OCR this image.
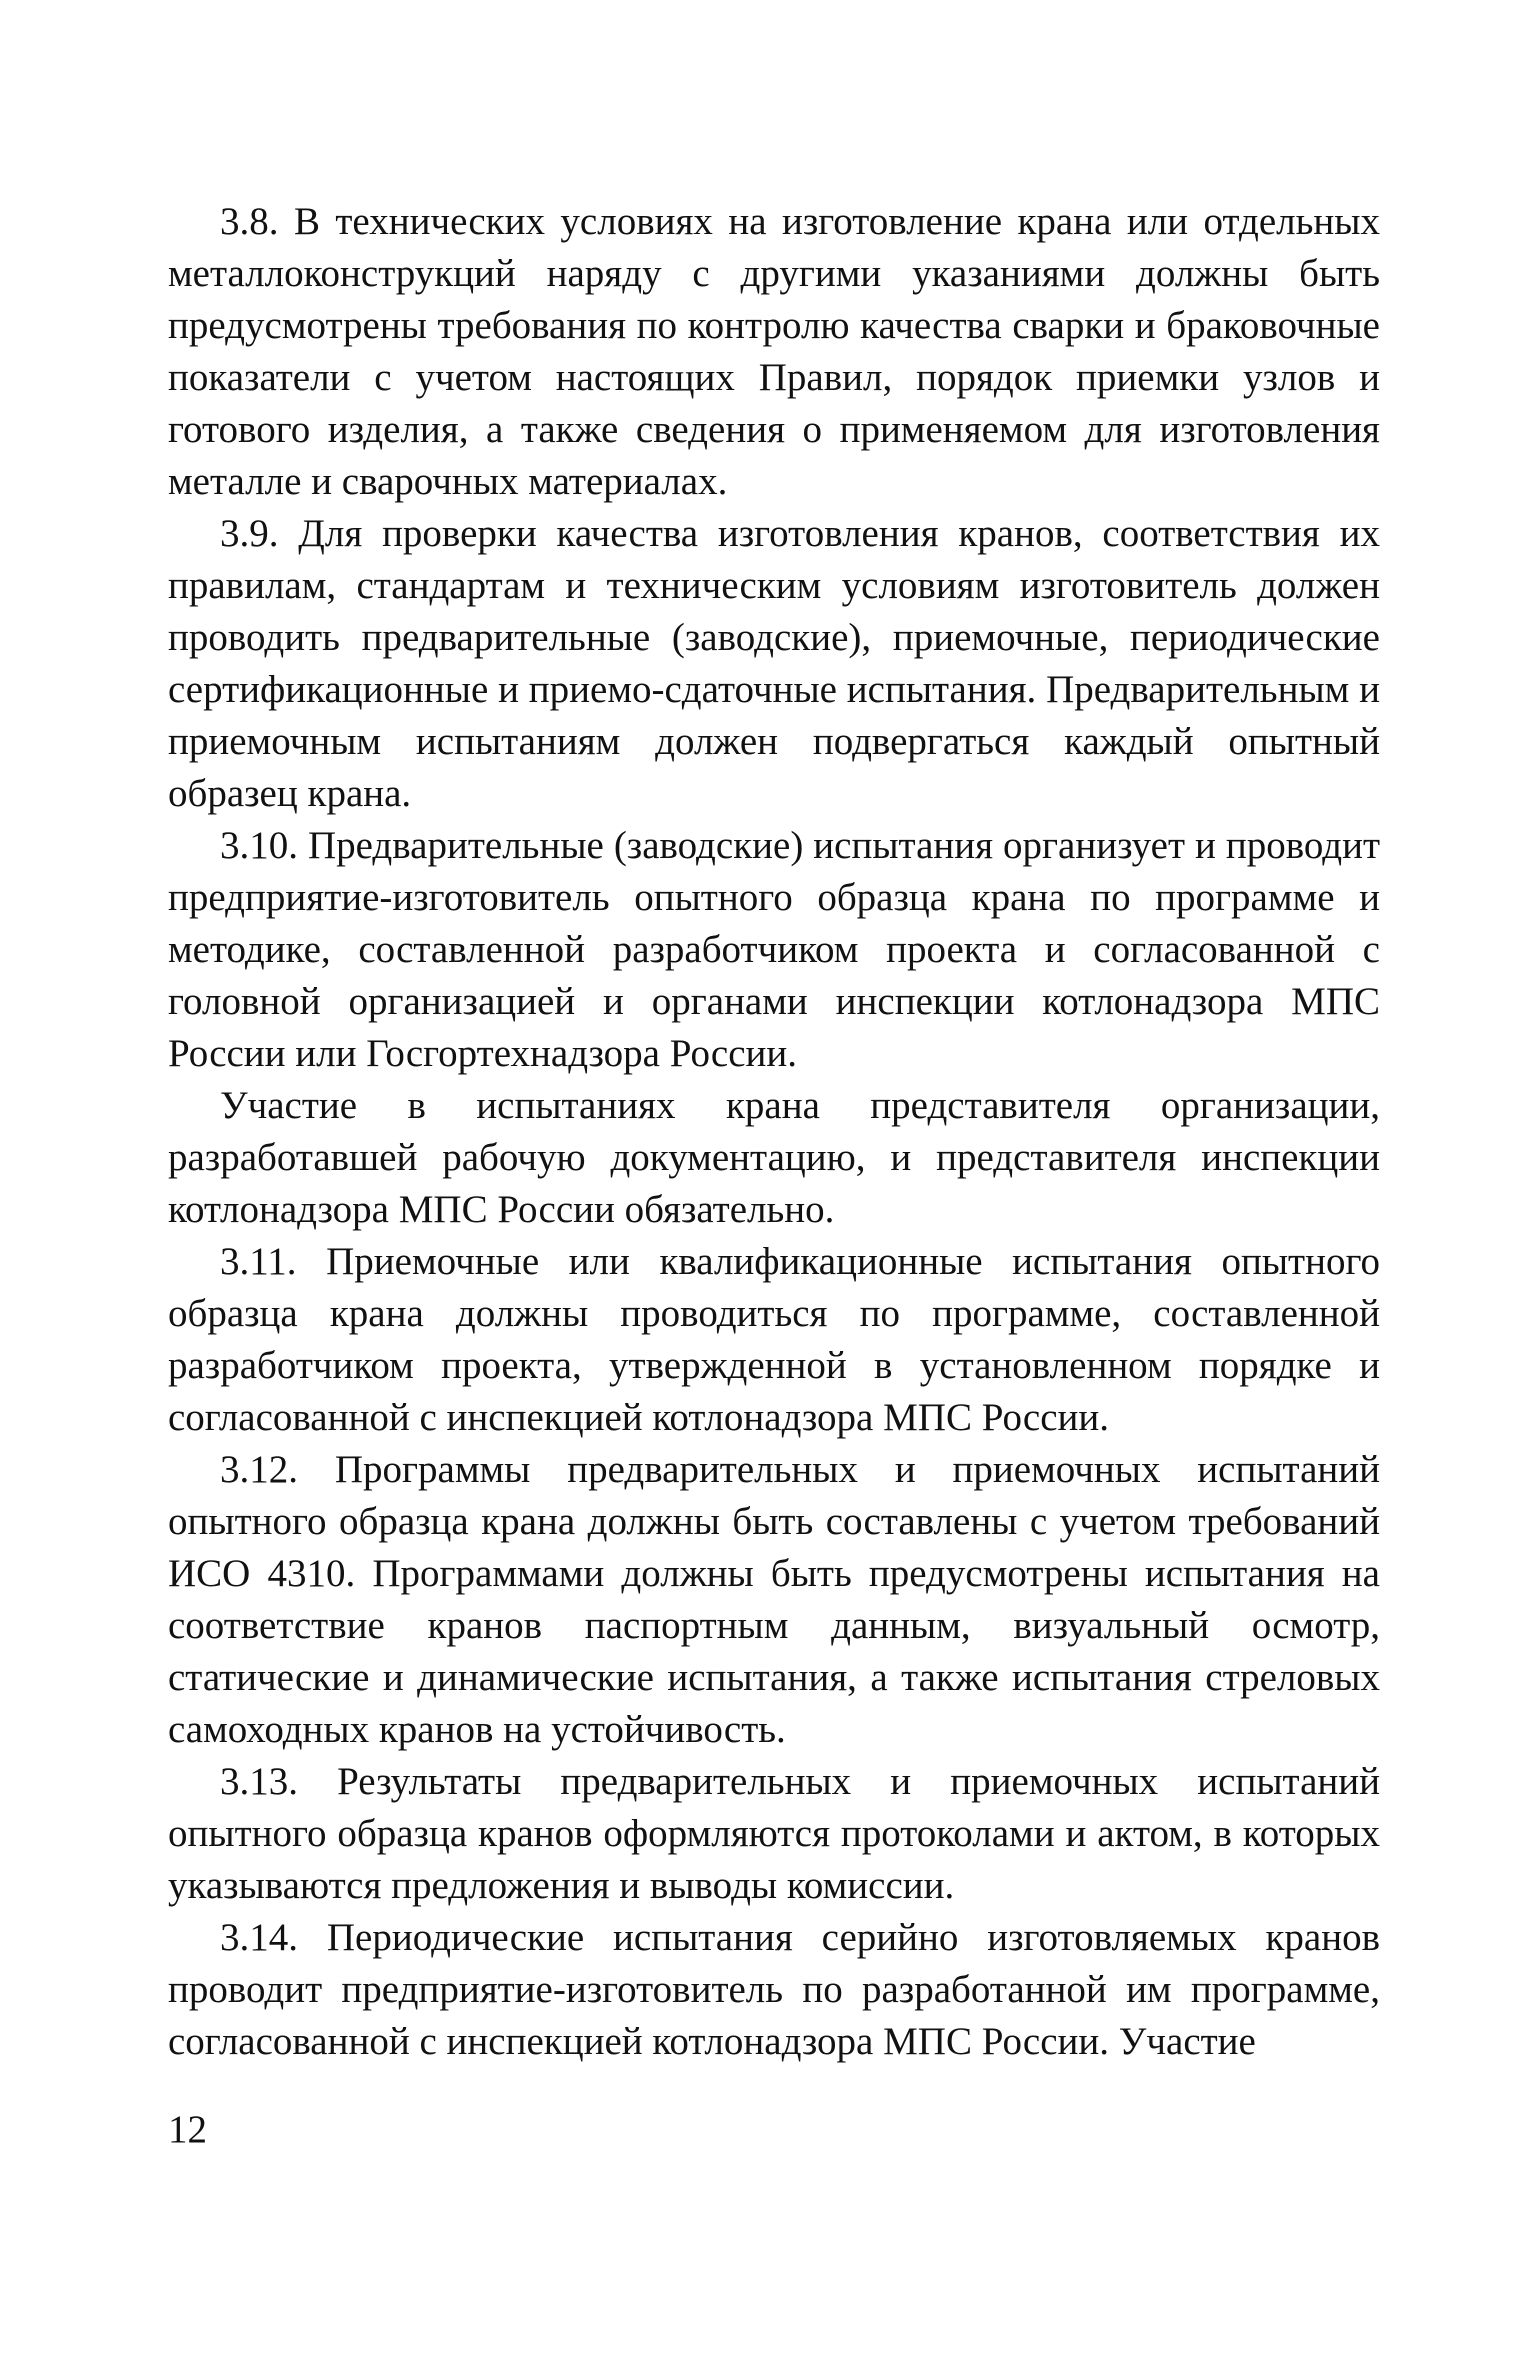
3.8. В технических условиях на изготовление крана или отдельных металлоконструкций наряду с другими указаниями должны быть предусмотрены требования по контролю качества сварки и браковочные показатели с учетом настоящих Правил, порядок приемки узлов и готового изделия, а также сведения о применяемом для изготовления металле и сварочных материалах.

3.9. Для проверки качества изготовления кранов, соответствия их правилам, стандартам и техническим условиям изготовитель должен проводить предварительные (заводские), приемочные, периодические сертификационные и приемо-сдаточные испытания. Предварительным и приемочным испытаниям должен подвергаться каждый опытный образец крана.

3.10. Предварительные (заводские) испытания организует и проводит предприятие-изготовитель опытного образца крана по программе и методике, составленной разработчиком проекта и согласованной с головной организацией и органами инспекции котлонадзора МПС России или Госгортехнадзора России.

Участие в испытаниях крана представителя организации, разработавшей рабочую документацию, и представителя инспекции котлонадзора МПС России обязательно.

3.11. Приемочные или квалификационные испытания опытного образца крана должны проводиться по программе, составленной разработчиком проекта, утвержденной в установленном порядке и согласованной с инспекцией котлонадзора МПС России.

3.12. Программы предварительных и приемочных испытаний опытного образца крана должны быть составлены с учетом требований ИСО 4310. Программами должны быть предусмотрены испытания на соответствие кранов паспортным данным, визуальный осмотр, статические и динамические испытания, а также испытания стреловых самоходных кранов на устойчивость.

3.13. Результаты предварительных и приемочных испытаний опытного образца кранов оформляются протоколами и актом, в которых указываются предложения и выводы комиссии.

3.14. Периодические испытания серийно изготовляемых кранов проводит предприятие-изготовитель по разработанной им программе, согласованной с инспекцией котлонадзора МПС России. Участие

12
